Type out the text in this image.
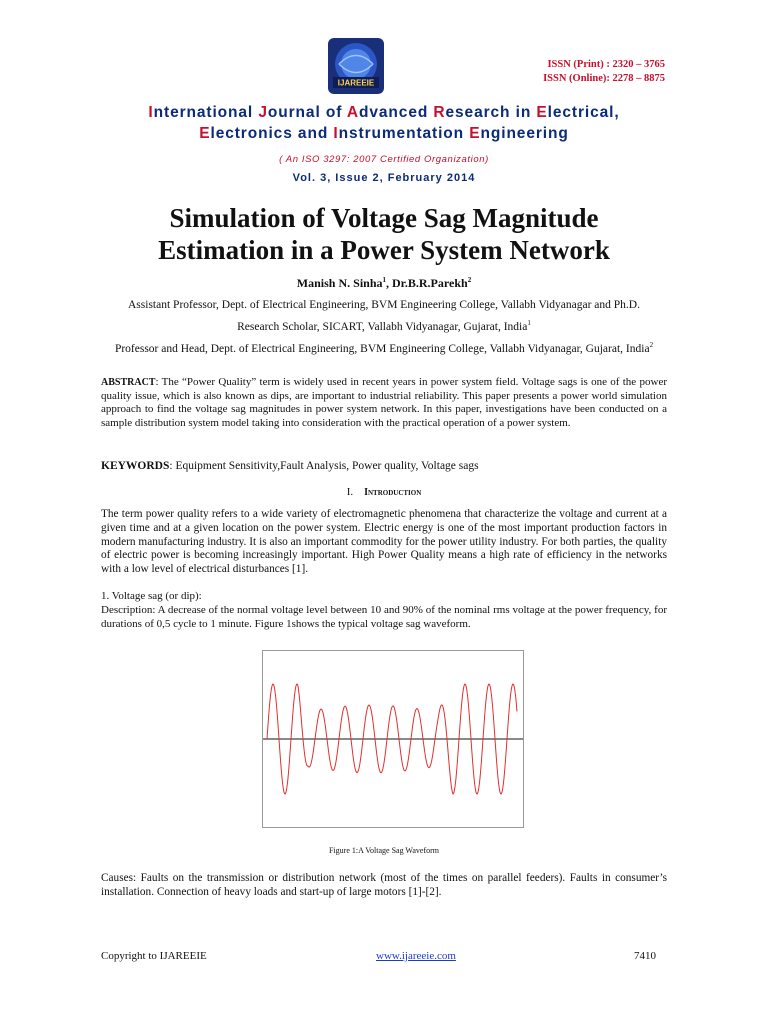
ISSN (Print) : 2320 – 3765
ISSN (Online): 2278 – 8875
IJAREEIE
International Journal of Advanced Research in Electrical,
Electronics and Instrumentation Engineering
( An ISO 3297: 2007 Certified Organization)
Vol. 3, Issue 2, February 2014
Simulation of Voltage Sag Magnitude
Estimation in a Power System Network
Manish N. Sinha$^1$, Dr.B.R.Parekh$^2$
Assistant Professor, Dept. of Electrical Engineering, BVM Engineering College, Vallabh Vidyanagar and Ph.D.
Research Scholar, SICART, Vallabh Vidyanagar, Gujarat, India$^1$
Professor and Head, Dept. of Electrical Engineering, BVM Engineering College, Vallabh Vidyanagar, Gujarat, India$^2$
ABSTRACT: The “Power Quality” term is widely used in recent years in power system field. Voltage sags is one of the power quality issue, which is also known as dips, are important to industrial reliability. This paper presents a power world simulation approach to find the voltage sag magnitudes in power system network. In this paper, investigations have been conducted on a sample distribution system model taking into consideration with the practical operation of a power system.
KEYWORDS: Equipment Sensitivity,Fault Analysis, Power quality, Voltage sags
I. Introduction
The term power quality refers to a wide variety of electromagnetic phenomena that characterize the voltage and current at a given time and at a given location on the power system. Electric energy is one of the most important production factors in modern manufacturing industry. It is also an important commodity for the power utility industry. For both parties, the quality of electric power is becoming increasingly important. High Power Quality means a high rate of efficiency in the networks with a low level of electrical disturbances [1].
1. Voltage sag (or dip):
Description: A decrease of the normal voltage level between 10 and 90% of the nominal rms voltage at the power frequency, for durations of 0,5 cycle to 1 minute. Figure 1shows the typical voltage sag waveform.
Figure 1:A Voltage Sag Waveform
Causes: Faults on the transmission or distribution network (most of the times on parallel feeders). Faults in consumer’s installation. Connection of heavy loads and start-up of large motors [1]-[2].
Copyright to IJAREEIE	www.ijareeie.com	7410
